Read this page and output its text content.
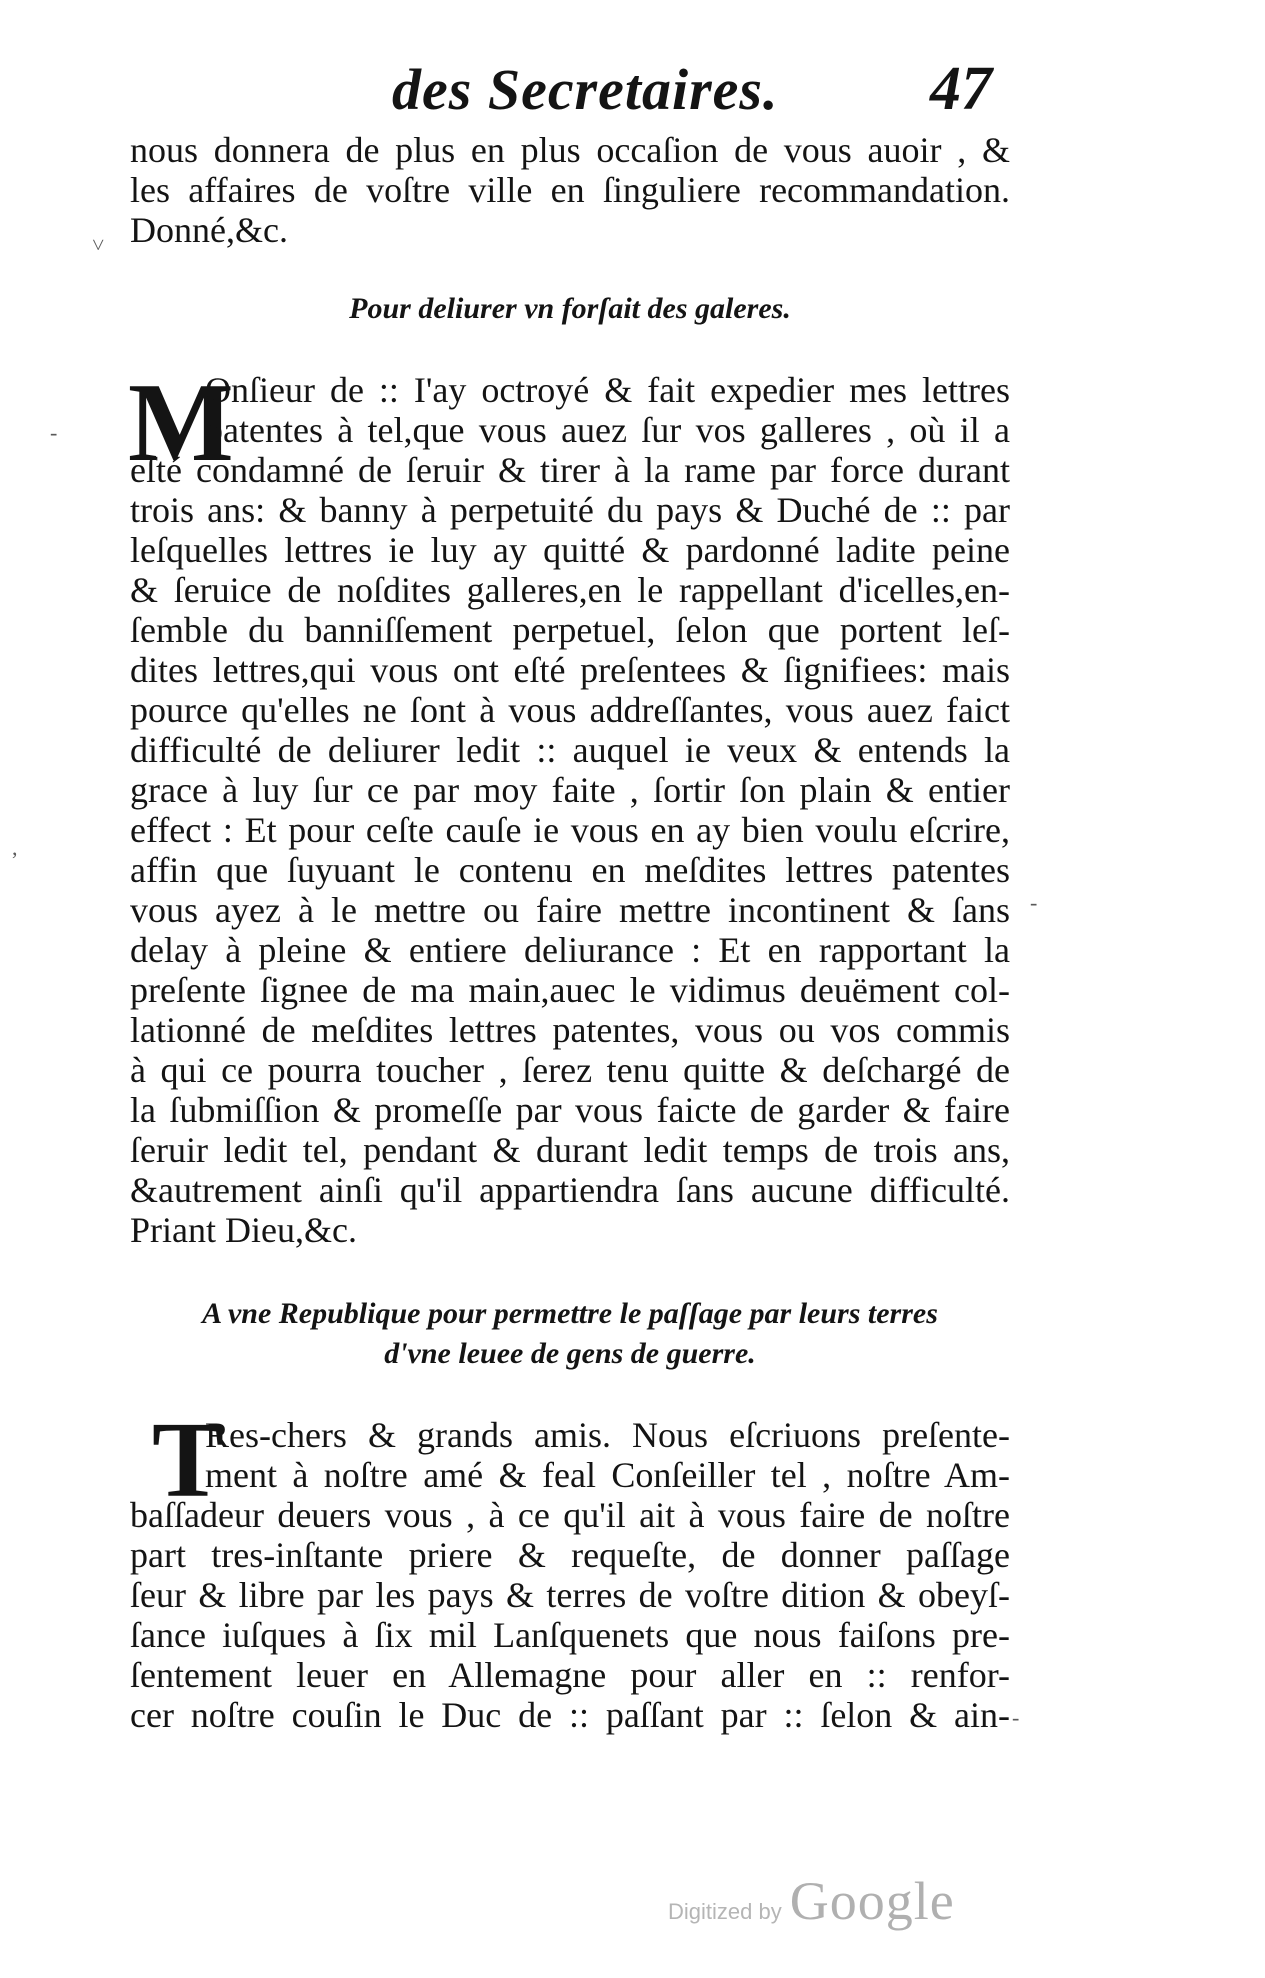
des Secretaires. 47
nous donnera de plus en plus occaſion de vous auoir , &
les affaires de voſtre ville en ſinguliere recommandation.
Donné,&c.
Pour deliurer vn forſait des galeres.
M
Onſieur de :: I'ay octroyé & fait expedier mes lettres
patentes à tel,que vous auez ſur vos galleres , où il a
eſté condamné de ſeruir & tirer à la rame par force durant
trois ans: & banny à perpetuité du pays & Duché de :: par
leſquelles lettres ie luy ay quitté & pardonné ladite peine
& ſeruice de noſdites galleres,en le rappellant d'icelles,en-
ſemble du banniſſement perpetuel, ſelon que portent leſ-
dites lettres,qui vous ont eſté preſentees & ſignifiees: mais
pource qu'elles ne ſont à vous addreſſantes, vous auez faict
difficulté de deliurer ledit :: auquel ie veux & entends la
grace à luy ſur ce par moy faite , ſortir ſon plain & entier
effect : Et pour ceſte cauſe ie vous en ay bien voulu eſcrire,
affin que ſuyuant le contenu en meſdites lettres patentes
vous ayez à le mettre ou faire mettre incontinent & ſans
delay à pleine & entiere deliurance : Et en rapportant la
preſente ſignee de ma main,auec le vidimus deuëment col-
lationné de meſdites lettres patentes, vous ou vos commis
à qui ce pourra toucher , ſerez tenu quitte & deſchargé de
la ſubmiſſion & promeſſe par vous faicte de garder & faire
ſeruir ledit tel, pendant & durant ledit temps de trois ans,
&autrement ainſi qu'il appartiendra ſans aucune difficulté.
Priant Dieu,&c.
A vne Republique pour permettre le paſſage par leurs terres
d'vne leuee de gens de guerre.
T
Res-chers & grands amis. Nous eſcriuons preſente-
ment à noſtre amé & feal Conſeiller tel , noſtre Am-
baſſadeur deuers vous , à ce qu'il ait à vous faire de noſtre
part tres-inſtante priere & requeſte, de donner paſſage
ſeur & libre par les pays & terres de voſtre dition & obeyſ-
ſance iuſques à ſix mil Lanſquenets que nous faiſons pre-
ſentement leuer en Allemagne pour aller en :: renfor-
cer noſtre couſin le Duc de :: paſſant par :: ſelon & ain-
˅
-
,
-
-
Digitized by Google
